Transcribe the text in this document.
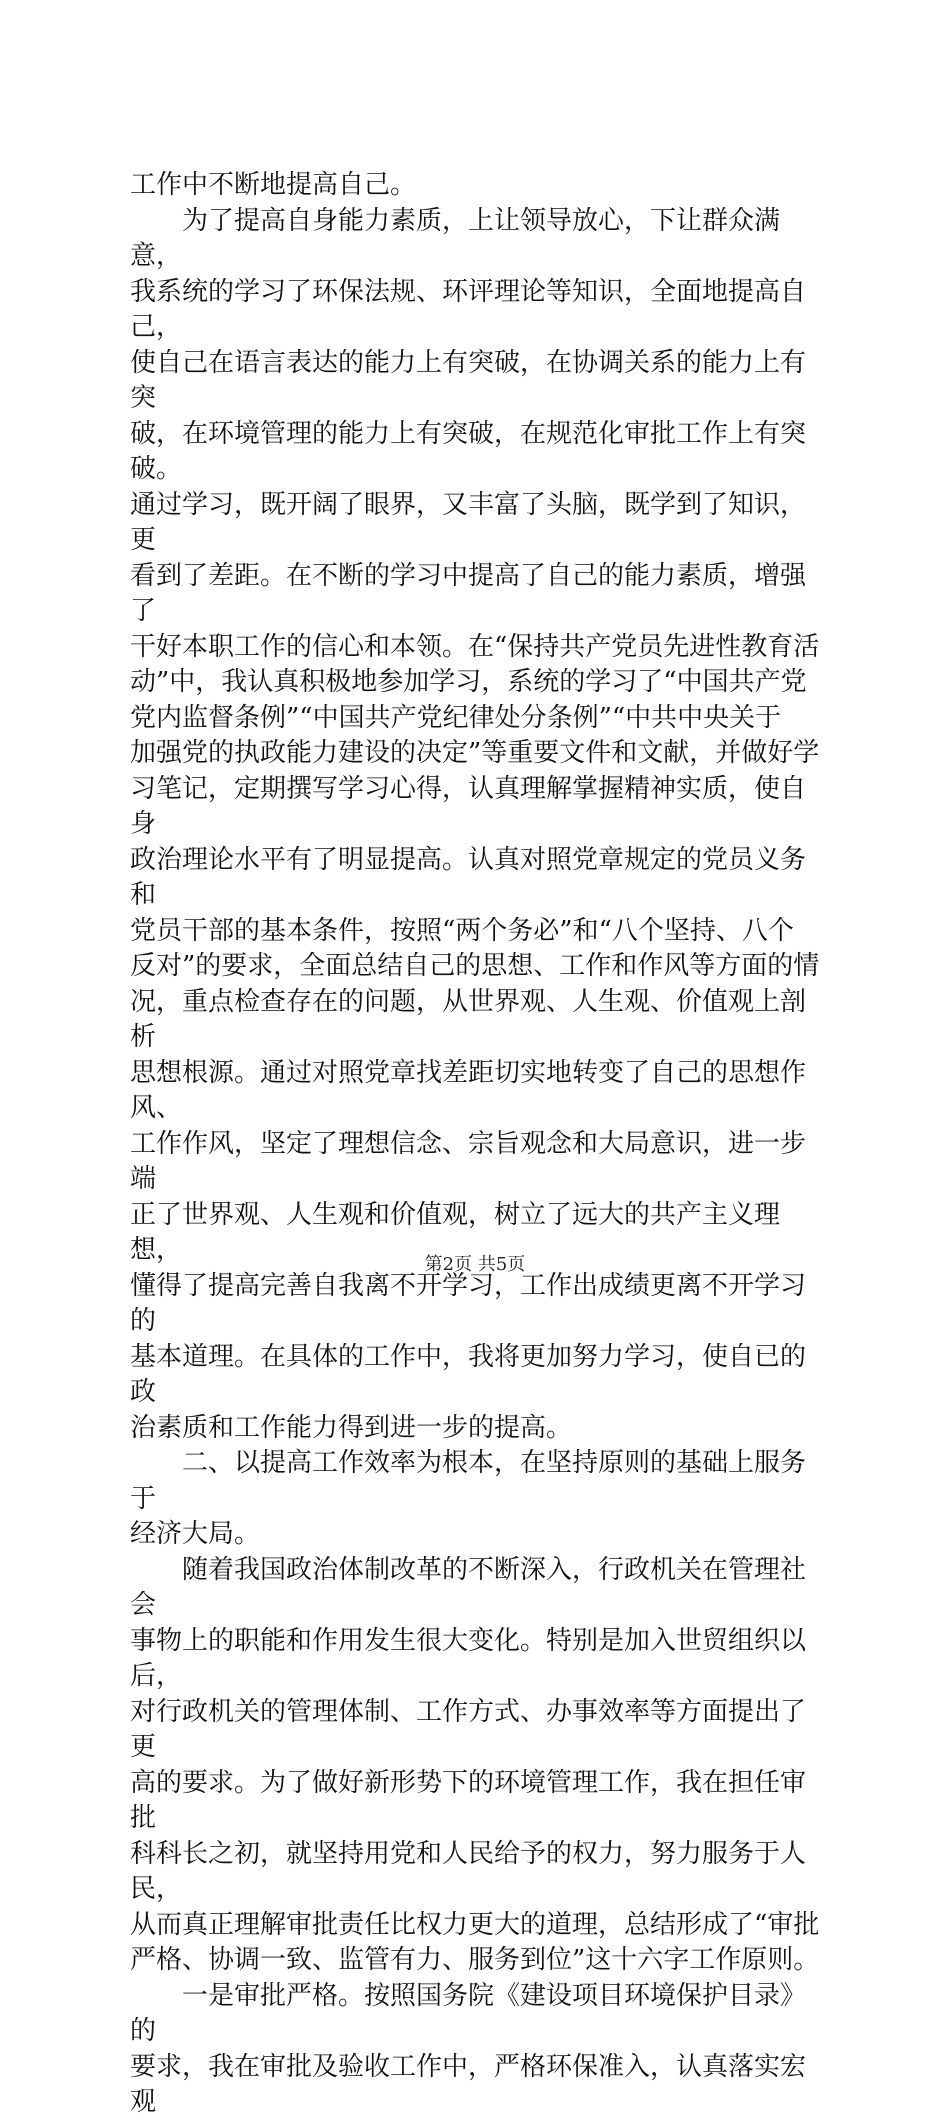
工作中不断地提高自己。

　　为了提高自身能力素质，上让领导放心，下让群众满意，

我系统的学习了环保法规、环评理论等知识，全面地提高自己，

使自己在语言表达的能力上有突破，在协调关系的能力上有突

破，在环境管理的能力上有突破，在规范化审批工作上有突破。

通过学习，既开阔了眼界，又丰富了头脑，既学到了知识，更

看到了差距。在不断的学习中提高了自己的能力素质，增强了

干好本职工作的信心和本领。在“保持共产党员先进性教育活

动”中，我认真积极地参加学习，系统的学习了“中国共产党

党内监督条例”“中国共产党纪律处分条例”“中共中央关于

加强党的执政能力建设的决定”等重要文件和文献，并做好学

习笔记，定期撰写学习心得，认真理解掌握精神实质，使自身

政治理论水平有了明显提高。认真对照党章规定的党员义务和

党员干部的基本条件，按照“两个务必”和“八个坚持、八个

反对”的要求，全面总结自己的思想、工作和作风等方面的情

况，重点检查存在的问题，从世界观、人生观、价值观上剖析

思想根源。通过对照党章找差距切实地转变了自己的思想作风、

工作作风，坚定了理想信念、宗旨观念和大局意识，进一步端

正了世界观、人生观和价值观，树立了远大的共产主义理想，

懂得了提高完善自我离不开学习，工作出成绩更离不开学习的

基本道理。在具体的工作中，我将更加努力学习，使自已的政

治素质和工作能力得到进一步的提高。

　　二、以提高工作效率为根本，在坚持原则的基础上服务于

经济大局。

　　随着我国政治体制改革的不断深入，行政机关在管理社会

事物上的职能和作用发生很大变化。特别是加入世贸组织以后，

对行政机关的管理体制、工作方式、办事效率等方面提出了更

高的要求。为了做好新形势下的环境管理工作，我在担任审批

科科长之初，就坚持用党和人民给予的权力，努力服务于人民，

从而真正理解审批责任比权力更大的道理，总结形成了“审批

严格、协调一致、监管有力、服务到位”这十六字工作原则。

　　一是审批严格。按照国务院《建设项目环境保护目录》的

要求，我在审批及验收工作中，严格环保准入，认真落实宏观

第2页 共5页
